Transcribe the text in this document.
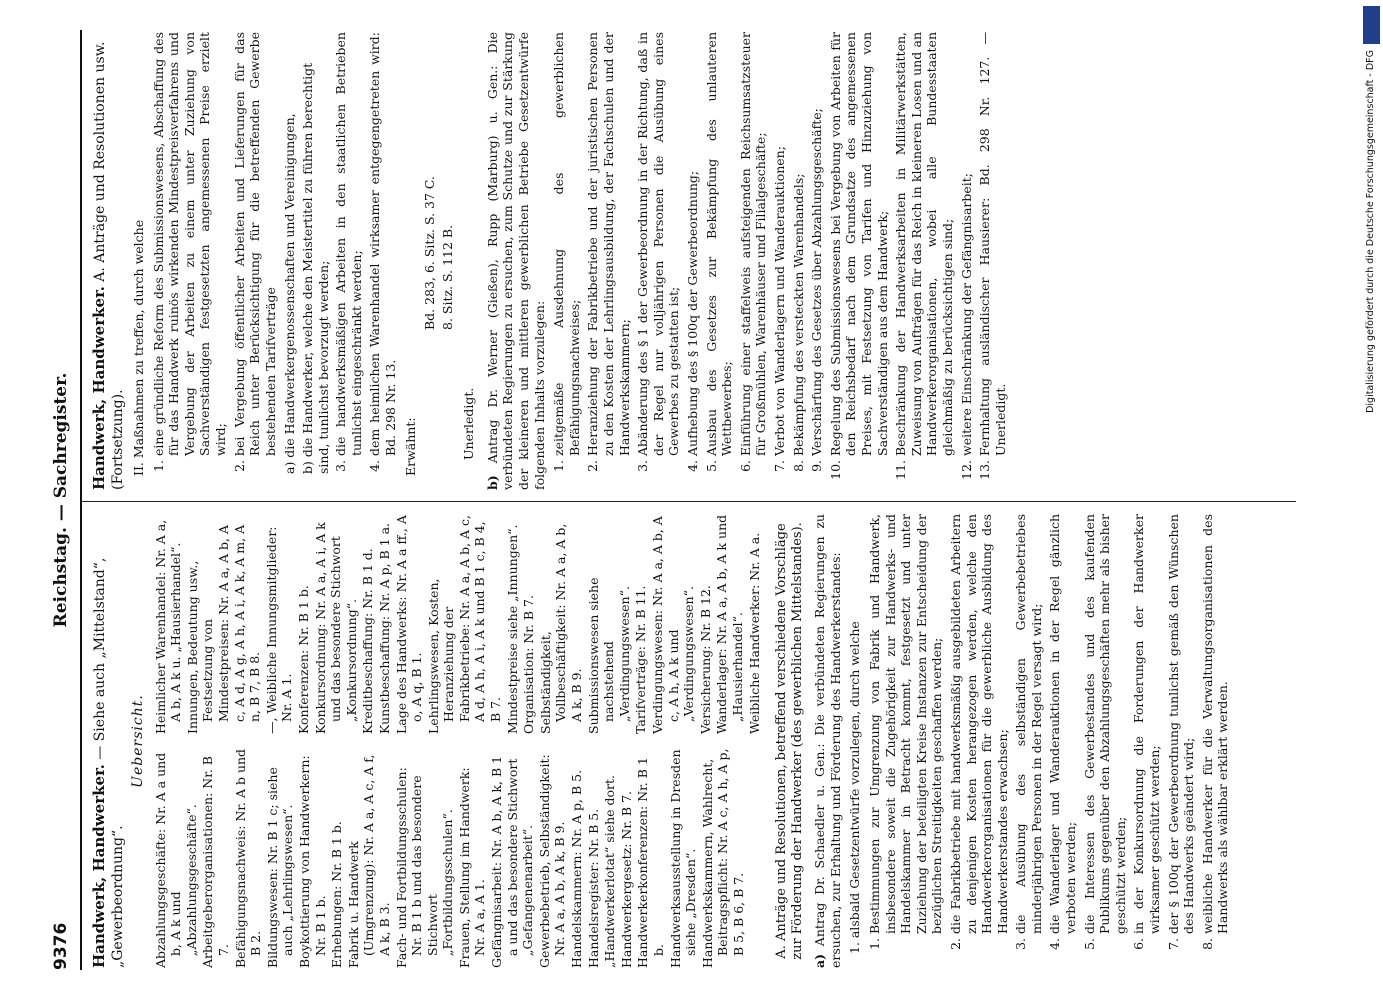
9376
Reichstag. — Sachregister.
Handwerk, Handwerker. — Siehe auch „Mittelstand“, „Gewerbeordnung“.
Uebersicht.
Abzahlungsgeschäfte: Nr. A a und b, A k und „Abzahlungsgeschäfte“. Arbeitgeberorganisationen: Nr. B 7. Befähigungsnachweis: Nr. A b und B 2. Bildungswesen: Nr. B 1 c; siehe auch „Lehrlingswesen“. Boykottierung von Handwerkern: Nr. B 1 b. Erhebungen: Nr. B 1 b. Fabrik u. Handwerk (Umgrenzung): Nr. A a, A c, A f, A k, B 3. Fach- und Fortbildungsschulen: Nr. B 1 b und das besondere Stichwort „Fortbildungsschulen“. Frauen, Stellung im Handwerk: Nr. A a, A 1. Gefängnisarbeit: Nr. A b, A k, B 1 a und das besondere Stichwort „Gefangenenarbeit“. Gewerbebetrieb, Selbständigkeit: Nr. A a, A b, A k, B 9. Handelskammern: Nr. A p, B 5. Handelsregister: Nr. B 5. „Handwerkerlotat“ siehe dort. Handwerkergesetz: Nr. B 7. Handwerkerkonferenzen: Nr. B 1 b. Handwerksausstellung in Dresden siehe „Dresden“. Handwerkskammern, Wahlrecht, Beitragspflicht: Nr. A c, A h, A p, B 5, B 6, B 7.
Heimlicher Warenhandel: Nr. A a, A b, A k u. „Hausierhandel“. Innungen, Bedeutung usw., Festsetzung von Mindestpreisen: Nr. A a, A b, A c, A d, A g, A h, A i, A k, A m, A n, B 7, B 8. —, Weibliche Innungsmitglieder: Nr. A 1. Konferenzen: Nr. B 1 b. Konkursordnung: Nr. A a, A i, A k und das besondere Stichwort „Konkursordnung“. Kreditbeschaffung: Nr. B 1 d. Kunstbeschaffung: Nr. A p, B 1 a. Lage des Handwerks: Nr. A a ff., A o, A q, B 1. Lehrlingswesen, Kosten, Heranziehung der Fabrikbetriebe: Nr. A a, A b, A c, A d, A h, A i, A k und B 1 c, B 4, B 7. Mindestpreise siehe „Innungen“. Organisation: Nr. B 7. Selbständigkeit, Vollbeschäftigkeit: Nr. A a, A b, A k, B 9. Submissionswesen siehe nachstehend „Verdingungswesen“. Tarifverträge: Nr. B 11. Verdingungswesen: Nr. A a, A b, A c, A h, A k und „Verdingungswesen“. Versicherung: Nr. B 12. Wanderlager: Nr. A a, A b, A k und „Hausierhandel“. Weibliche Handwerker: Nr. A a. A. Anträge und Resolutionen, betreffend verschiedene Vorschläge zur Förderung der Handwerker (des gewerblichen Mittelstandes).
a) Antrag Dr. Schaedler u. Gen.: Die verbündeten Regierungen zu ersuchen, zur Erhaltung und Förderung des Handwerkerstandes: 1. alsbald Gesetzentwürfe vorzulegen, durch welche 1. Bestimmungen zur Umgrenzung von Fabrik und Handwerk, insbesondere soweit die Zugehörigkeit zur Handwerks- und Handelskammer in Betracht kommt, festgesetzt und unter Zuziehung der beteiligten Kreise Instanzen zur Entscheidung der bezüglichen Streitigkeiten geschaffen werden; 2. die Fabrikbetriebe mit handwerksmäßig ausgebildeten Arbeitern zu denjenigen Kosten herangezogen werden, welche den Handwerkerorganisationen für die gewerbliche Ausbildung des Handwerkerstandes erwachsen; 3. die Ausübung des selbständigen Gewerbebetriebes minderjährigen Personen in der Regel versagt wird; 4. die Wanderlager und Wanderauktionen in der Regel gänzlich verboten werden; 5. die Interessen des Gewerbestandes und des kaufenden Publikums gegenüber den Abzahlungsgeschäften mehr als bisher geschützt werden; 6. in der Konkursordnung die Forderungen der Handwerker wirksamer geschützt werden; 7. der § 100q der Gewerbeordnung tunlichst gemäß den Wünschen des Handwerks geändert wird; 8. weibliche Handwerker für die Verwaltungsorganisationen des Handwerks als wählbar erklärt werden.
Handwerk, Handwerker. A. Anträge und Resolutionen usw. (Fortsetzung). II. Maßnahmen zu treffen, durch welche 1. eine gründliche Reform des Submissionswesens, Abschaffung des für das Handwerk ruinös wirkenden Mindestpreisverfahrens und Vergebung der Arbeiten zu einem unter Zuziehung von Sachverständigen festgesetzten angemessenen Preise erzielt wird; 2. bei Vergebung öffentlicher Arbeiten und Lieferungen für das Reich unter Berücksichtigung für die betreffenden Gewerbe bestehenden Tarifverträge a) die Handwerkergenossenschaften und Vereinigungen, b) die Handwerker, welche den Meistertitel zu führen berechtigt sind, tunlichst bevorzugt werden; 3. die handwerksmäßigen Arbeiten in den staatlichen Betrieben tunlichst eingeschränkt werden; 4. dem heimlichen Warenhandel wirksamer entgegengetreten wird: Bd. 298 Nr. 13. Erwähnt:
Bd. 283, 6. Sitz. S. 37 C. 8. Sitz. S. 112 B.
Unerledigt.
b) Antrag Dr. Werner (Gießen), Rupp (Marburg) u. Gen.: Die verbündeten Regierungen zu ersuchen, zum Schutze und zur Stärkung der kleineren und mittleren gewerblichen Betriebe Gesetzentwürfe folgenden Inhalts vorzulegen: 1. zeitgemäße Ausdehnung des gewerblichen Befähigungsnachweises; 2. Heranziehung der Fabrikbetriebe und der juristischen Personen zu den Kosten der Lehrlingsausbildung, der Fachschulen und der Handwerkskammern; 3. Abänderung des § 1 der Gewerbeordnung in der Richtung, daß in der Regel nur volljährigen Personen die Ausübung eines Gewerbes zu gestatten ist; 4. Aufhebung des § 100q der Gewerbeordnung; 5. Ausbau des Gesetzes zur Bekämpfung des unlauteren Wettbewerbes; 6. Einführung einer staffelweis aufsteigenden Reichsumsatzsteuer für Großmühlen, Warenhäuser und Filialgeschäfte; 7. Verbot von Wanderlagern und Wanderauktionen; 8. Bekämpfung des versteckten Warenhandels; 9. Verschärfung des Gesetzes über Abzahlungsgeschäfte; 10. Regelung des Submissionswesens bei Vergebung von Arbeiten für den Reichsbedarf nach dem Grundsatze des angemessenen Preises, mit Festsetzung von Tarifen und Hinzuziehung von Sachverständigen aus dem Handwerk; 11. Beschränkung der Handwerksarbeiten in Militärwerkstätten, Zuweisung von Aufträgen für das Reich in kleineren Losen und an Handwerkerorganisationen, wobei alle Bundesstaaten gleichmäßig zu berücksichtigen sind; 12. weitere Einschränkung der Gefängnisarbeit; 13. Fernhaltung ausländischer Hausierer: Bd. 298 Nr. 127. — Unerledigt.
Digitalisierung gefördert durch die Deutsche Forschungsgemeinschaft - DFG
